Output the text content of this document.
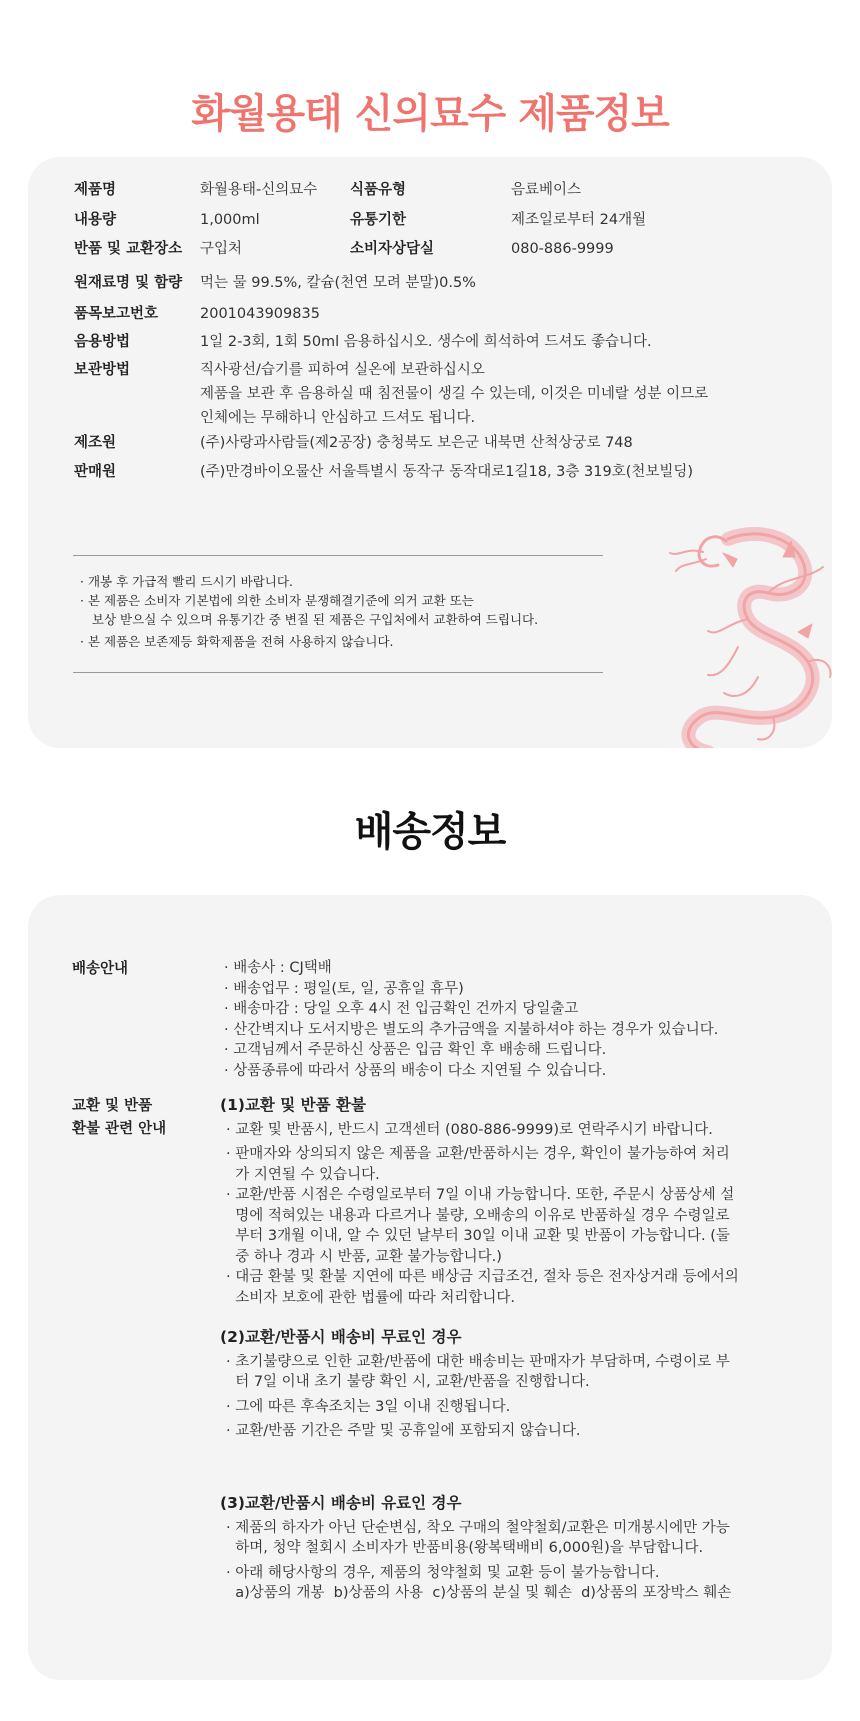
화월용태 신의묘수 제품정보
제품명	화월용태-신의묘수 식품유형	음료베이스
내용량	1,000ml	유통기한	제조일로부터 24개월
반품 및 교환장소 구입처	소비자상담실	080-886-9999
원재료명 및 함량 먹는 물 99.5%, 칼슘(천연 모려 분말)0.5%
품목보고번호	2001043909835
음용방법	1일 2-3회, 1회 50ml 음용하십시오. 생수에 희석하여 드셔도 좋습니다.
보관방법	직사광선/습기를 피하여 실온에 보관하십시오
제품을 보관 후 음용하실 때 침전물이 생길 수 있는데, 이것은 미네랄 성분 이므로
인체에는 무해하니 안심하고 드셔도 됩니다.
제조원	(주)사랑과사람들(제2공장) 충청북도 보은군 내북면 산척상궁로 748
판매원	(주)만경바이오물산 서울특별시 동작구 동작대로1길18, 3층 319호(천보빌딩)
· 개봉 후 가급적 빨리 드시기 바랍니다.
· 본 제품은 소비자 기본법에 의한 소비자 분쟁해결기준에 의거 교환 또는
보상 받으실 수 있으며 유통기간 중 변질 된 제품은 구입처에서 교환하여 드립니다.
· 본 제품은 보존제등 화학제품을 전혀 사용하지 않습니다.
배송정보
배송안내	· 배송사 : CJ택배
· 배송업무 : 평일(토, 일, 공휴일 휴무)
· 배송마감 : 당일 오후 4시 전 입금확인 건까지 당일출고
· 산간벽지나 도서지방은 별도의 추가금액을 지불하셔야 하는 경우가 있습니다.
· 고객님께서 주문하신 상품은 입금 확인 후 배송해 드립니다.
· 상품종류에 따라서 상품의 배송이 다소 지연될 수 있습니다.
교환 및 반품
환불 관련 안내
(1)교환 및 반품 환불
· 교환 및 반품시, 반드시 고객센터 (080-886-9999)로 연락주시기 바랍니다.
· 판매자와 상의되지 않은 제품을 교환/반품하시는 경우, 확인이 불가능하여 처리
가 지연될 수 있습니다.
· 교환/반품 시점은 수령일로부터 7일 이내 가능합니다. 또한, 주문시 상품상세 설
명에 적혀있는 내용과 다르거나 불량, 오배송의 이유로 반품하실 경우 수령일로
부터 3개월 이내, 알 수 있던 날부터 30일 이내 교환 및 반품이 가능합니다. (둘
중 하나 경과 시 반품, 교환 불가능합니다.)
· 대금 환불 및 환불 지연에 따른 배상금 지급조건, 절차 등은 전자상거래 등에서의
소비자 보호에 관한 법률에 따라 처리합니다.
(2)교환/반품시 배송비 무료인 경우
· 초기불량으로 인한 교환/반품에 대한 배송비는 판매자가 부담하며, 수령이로 부
터 7일 이내 초기 불량 확인 시, 교환/반품을 진행합니다.
· 그에 따른 후속조치는 3일 이내 진행됩니다.
· 교환/반품 기간은 주말 및 공휴일에 포함되지 않습니다.
(3)교환/반품시 배송비 유료인 경우
· 제품의 하자가 아닌 단순변심, 착오 구매의 철약철회/교환은 미개봉시에만 가능
하며, 청약 철회시 소비자가 반품비용(왕복택배비 6,000원)을 부담합니다.
· 아래 해당사항의 경우, 제품의 청약철회 및 교환 등이 불가능합니다.
a)상품의 개봉  b)상품의 사용  c)상품의 분실 및 훼손  d)상품의 포장박스 훼손
